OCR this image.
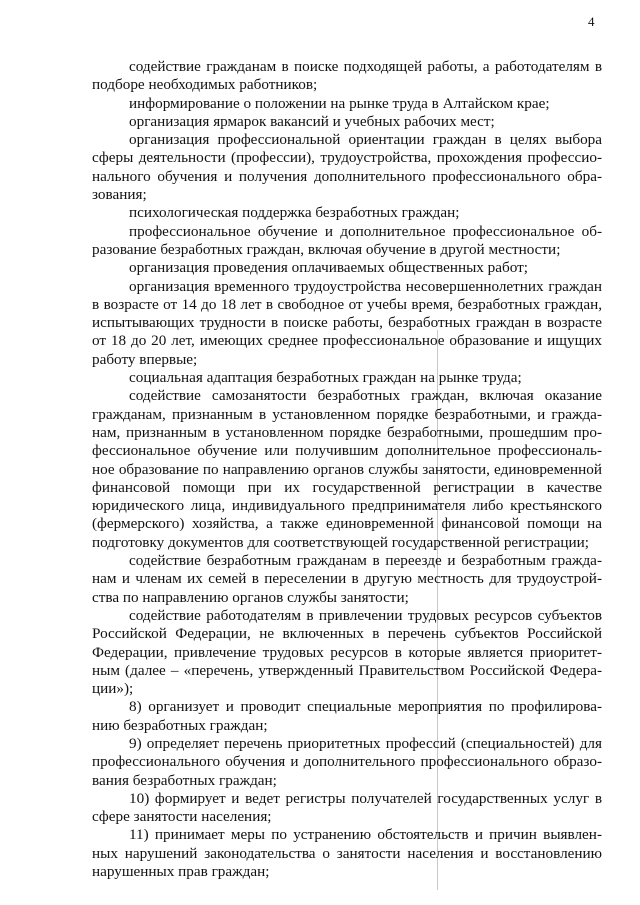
4

содействие гражданам в поиске подходящей работы, а работодателям в подборе необходимых работников;

информирование о положении на рынке труда в Алтайском крае;

организация ярмарок вакансий и учебных рабочих мест;

организация профессиональной ориентации граждан в целях выбора сферы деятельности (профессии), трудоустройства, прохождения профессионального обучения и получения дополнительного профессионального образования;

психологическая поддержка безработных граждан;

профессиональное обучение и дополнительное профессиональное образование безработных граждан, включая обучение в другой местности;

организация проведения оплачиваемых общественных работ;

организация временного трудоустройства несовершеннолетних граждан в возрасте от 14 до 18 лет в свободное от учебы время, безработных граждан, испытывающих трудности в поиске работы, безработных граждан в возрасте от 18 до 20 лет, имеющих среднее профессиональное образование и ищущих работу впервые;

социальная адаптация безработных граждан на рынке труда;

содействие самозанятости безработных граждан, включая оказание гражданам, признанным в установленном порядке безработными, и гражданам, признанным в установленном порядке безработными, прошедшим профессиональное обучение или получившим дополнительное профессиональное образование по направлению органов службы занятости, единовременной финансовой помощи при их государственной регистрации в качестве юридического лица, индивидуального предпринимателя либо крестьянского (фермерского) хозяйства, а также единовременной финансовой помощи на подготовку документов для соответствующей государственной регистрации;

содействие безработным гражданам в переезде и безработным гражданам и членам их семей в переселении в другую местность для трудоустройства по направлению органов службы занятости;

содействие работодателям в привлечении трудовых ресурсов субъектов Российской Федерации, не включенных в перечень субъектов Российской Федерации, привлечение трудовых ресурсов в которые является приоритетным (далее – «перечень, утвержденный Правительством Российской Федерации»);

8) организует и проводит специальные мероприятия по профилированию безработных граждан;

9) определяет перечень приоритетных профессий (специальностей) для профессионального обучения и дополнительного профессионального образования безработных граждан;

10) формирует и ведет регистры получателей государственных услуг в сфере занятости населения;

11) принимает меры по устранению обстоятельств и причин выявленных нарушений законодательства о занятости населения и восстановлению нарушенных прав граждан;
